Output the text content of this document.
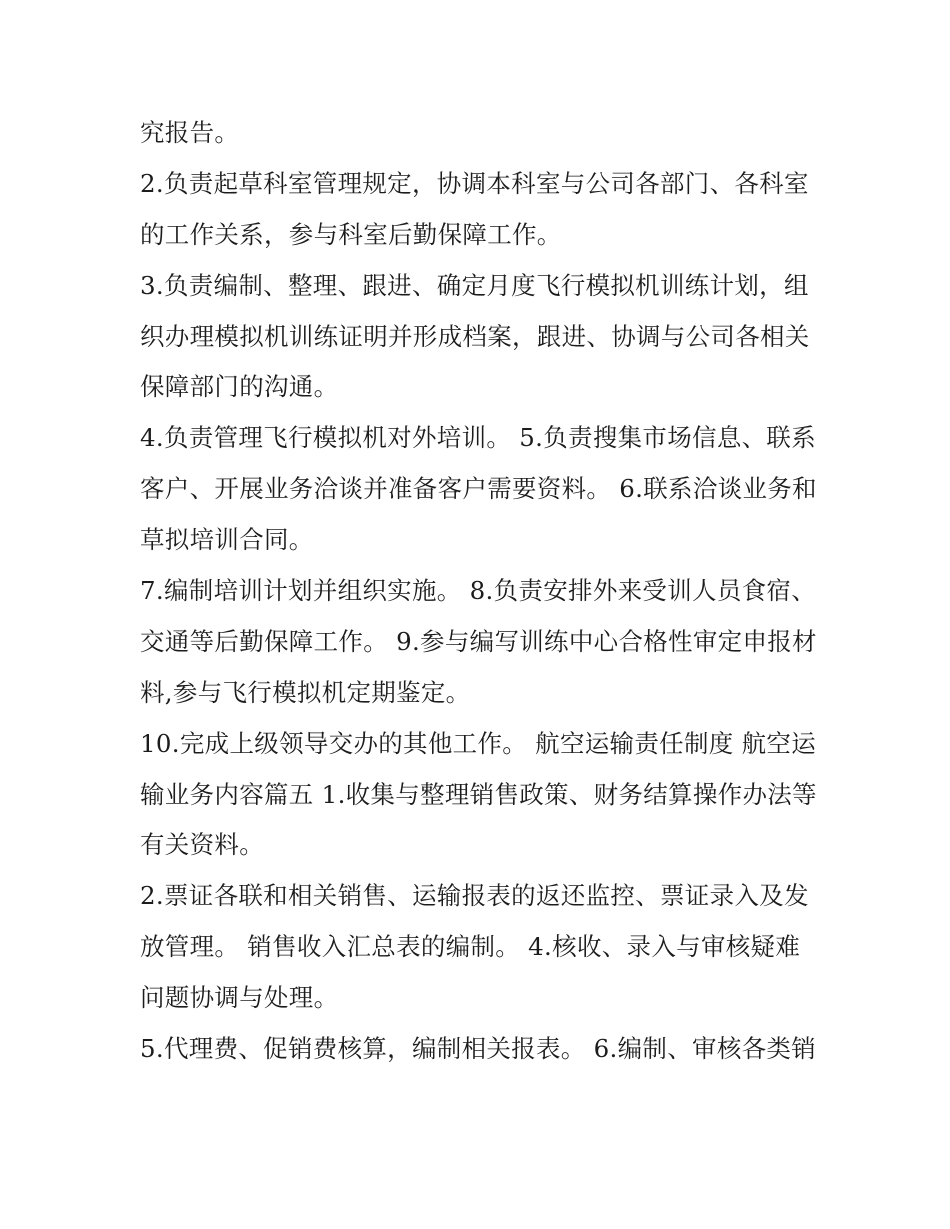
究报告。
2.负责起草科室管理规定，协调本科室与公司各部门、各科室
的工作关系，参与科室后勤保障工作。
3.负责编制、整理、跟进、确定月度飞行模拟机训练计划，组
织办理模拟机训练证明并形成档案，跟进、协调与公司各相关
保障部门的沟通。
4.负责管理飞行模拟机对外培训。 5.负责搜集市场信息、联系
客户、开展业务洽谈并准备客户需要资料。 6.联系洽谈业务和
草拟培训合同。
7.编制培训计划并组织实施。 8.负责安排外来受训人员食宿、
交通等后勤保障工作。 9.参与编写训练中心合格性审定申报材
料,参与飞行模拟机定期鉴定。
10.完成上级领导交办的其他工作。 航空运输责任制度 航空运
输业务内容篇五 1.收集与整理销售政策、财务结算操作办法等
有关资料。
2.票证各联和相关销售、运输报表的返还监控、票证录入及发
放管理。 销售收入汇总表的编制。 4.核收、录入与审核疑难
问题协调与处理。
5.代理费、促销费核算，编制相关报表。 6.编制、审核各类销
